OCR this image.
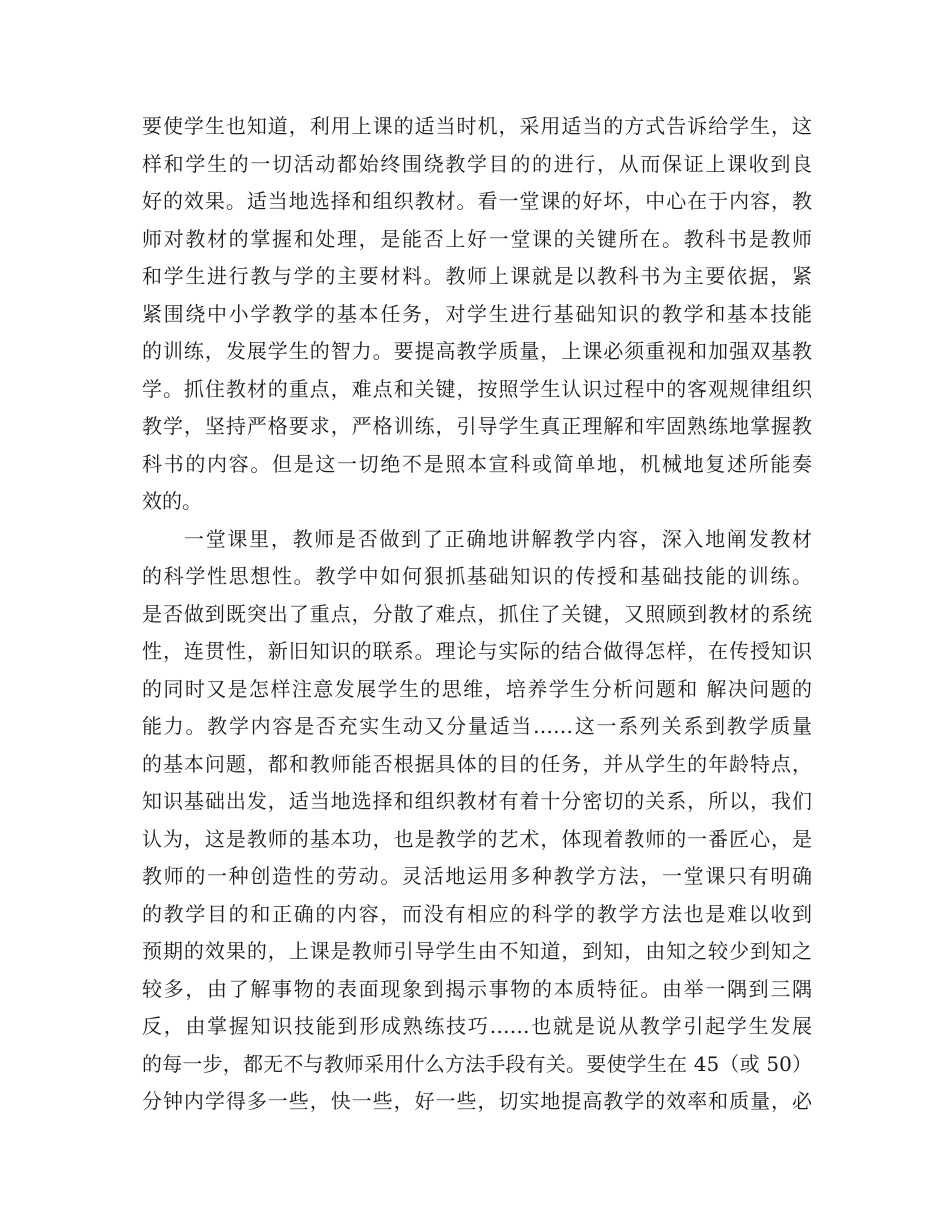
要使学生也知道，利用上课的适当时机，采用适当的方式告诉给学生，这
样和学生的一切活动都始终围绕教学目的的进行，从而保证上课收到良
好的效果。适当地选择和组织教材。看一堂课的好坏，中心在于内容，教
师对教材的掌握和处理，是能否上好一堂课的关键所在。教科书是教师
和学生进行教与学的主要材料。教师上课就是以教科书为主要依据，紧
紧围绕中小学教学的基本任务，对学生进行基础知识的教学和基本技能
的训练，发展学生的智力。要提高教学质量，上课必须重视和加强双基教
学。抓住教材的重点，难点和关键，按照学生认识过程中的客观规律组织
教学，坚持严格要求，严格训练，引导学生真正理解和牢固熟练地掌握教
科书的内容。但是这一切绝不是照本宣科或简单地，机械地复述所能奏
效的。
一堂课里，教师是否做到了正确地讲解教学内容，深入地阐发教材
的科学性思想性。教学中如何狠抓基础知识的传授和基础技能的训练。
是否做到既突出了重点，分散了难点，抓住了关键，又照顾到教材的系统
性，连贯性，新旧知识的联系。理论与实际的结合做得怎样，在传授知识
的同时又是怎样注意发展学生的思维，培养学生分析问题和 解决问题的
能力。教学内容是否充实生动又分量适当……这一系列关系到教学质量
的基本问题，都和教师能否根据具体的目的任务，并从学生的年龄特点，
知识基础出发，适当地选择和组织教材有着十分密切的关系，所以，我们
认为，这是教师的基本功，也是教学的艺术，体现着教师的一番匠心，是
教师的一种创造性的劳动。灵活地运用多种教学方法，一堂课只有明确
的教学目的和正确的内容，而没有相应的科学的教学方法也是难以收到
预期的效果的，上课是教师引导学生由不知道，到知，由知之较少到知之
较多，由了解事物的表面现象到揭示事物的本质特征。由举一隅到三隅
反，由掌握知识技能到形成熟练技巧……也就是说从教学引起学生发展
的每一步，都无不与教师采用什么方法手段有关。要使学生在 45（或 50）
分钟内学得多一些，快一些，好一些，切实地提高教学的效率和质量，必
